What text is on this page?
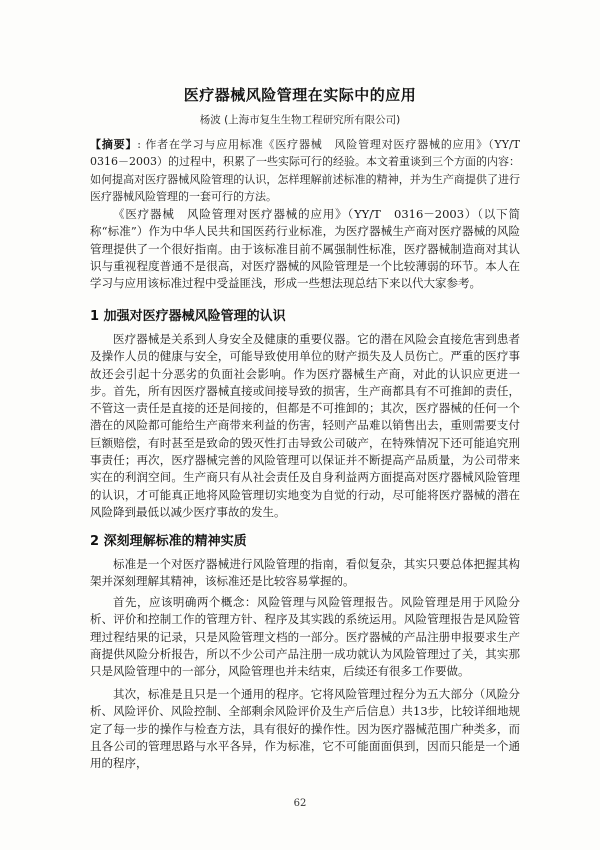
医疗器械风险管理在实际中的应用
杨波 (上海市复生生物工程研究所有限公司)
【摘要】: 作者在学习与应用标准《医疗器械　风险管理对医疗器械的应用》（YY/T　0316－2003）的过程中，积累了一些实际可行的经验。本文着重谈到三个方面的内容：如何提高对医疗器械风险管理的认识，怎样理解前述标准的精神，并为生产商提供了进行医疗器械风险管理的一套可行的方法。
《医疗器械　风险管理对医疗器械的应用》（YY/T　0316－2003）（以下简称“标准”）作为中华人民共和国医药行业标准，为医疗器械生产商对医疗器械的风险管理提供了一个很好指南。由于该标准目前不属强制性标准，医疗器械制造商对其认识与重视程度普通不是很高，对医疗器械的风险管理是一个比较薄弱的环节。本人在学习与应用该标准过程中受益匪浅，形成一些想法现总结下来以代大家参考。
1 加强对医疗器械风险管理的认识
医疗器械是关系到人身安全及健康的重要仪器。它的潜在风险会直接危害到患者及操作人员的健康与安全，可能导致使用单位的财产损失及人员伤亡。严重的医疗事故还会引起十分恶劣的负面社会影响。作为医疗器械生产商，对此的认识应更进一步。首先，所有因医疗器械直接或间接导致的损害，生产商都具有不可推卸的责任，不管这一责任是直接的还是间接的，但都是不可推卸的；其次，医疗器械的任何一个潜在的风险都可能给生产商带来利益的伤害，轻则产品难以销售出去，重则需要支付巨额赔偿，有时甚至是致命的毁灭性打击导致公司破产，在特殊情况下还可能追究刑事责任；再次，医疗器械完善的风险管理可以保证并不断提高产品质量，为公司带来实在的利润空间。生产商只有从社会责任及自身利益两方面提高对医疗器械风险管理的认识，才可能真正地将风险管理切实地变为自觉的行动，尽可能将医疗器械的潜在风险降到最低以减少医疗事故的发生。
2 深刻理解标准的精神实质
标准是一个对医疗器械进行风险管理的指南，看似复杂，其实只要总体把握其构架并深刻理解其精神，该标准还是比较容易掌握的。
首先，应该明确两个概念：风险管理与风险管理报告。风险管理是用于风险分析、评价和控制工作的管理方针、程序及其实践的系统运用。风险管理报告是风险管理过程结果的记录，只是风险管理文档的一部分。医疗器械的产品注册申报要求生产商提供风险分析报告，所以不少公司产品注册一成功就认为风险管理过了关，其实那只是风险管理中的一部分，风险管理也并未结束，后续还有很多工作要做。
其次，标准是且只是一个通用的程序。它将风险管理过程分为五大部分（风险分析、风险评价、风险控制、全部剩余风险评价及生产后信息）共13步，比较详细地规定了每一步的操作与检查方法，具有很好的操作性。因为医疗器械范围广种类多，而且各公司的管理思路与水平各异，作为标准，它不可能面面俱到，因而只能是一个通用的程序，
62
